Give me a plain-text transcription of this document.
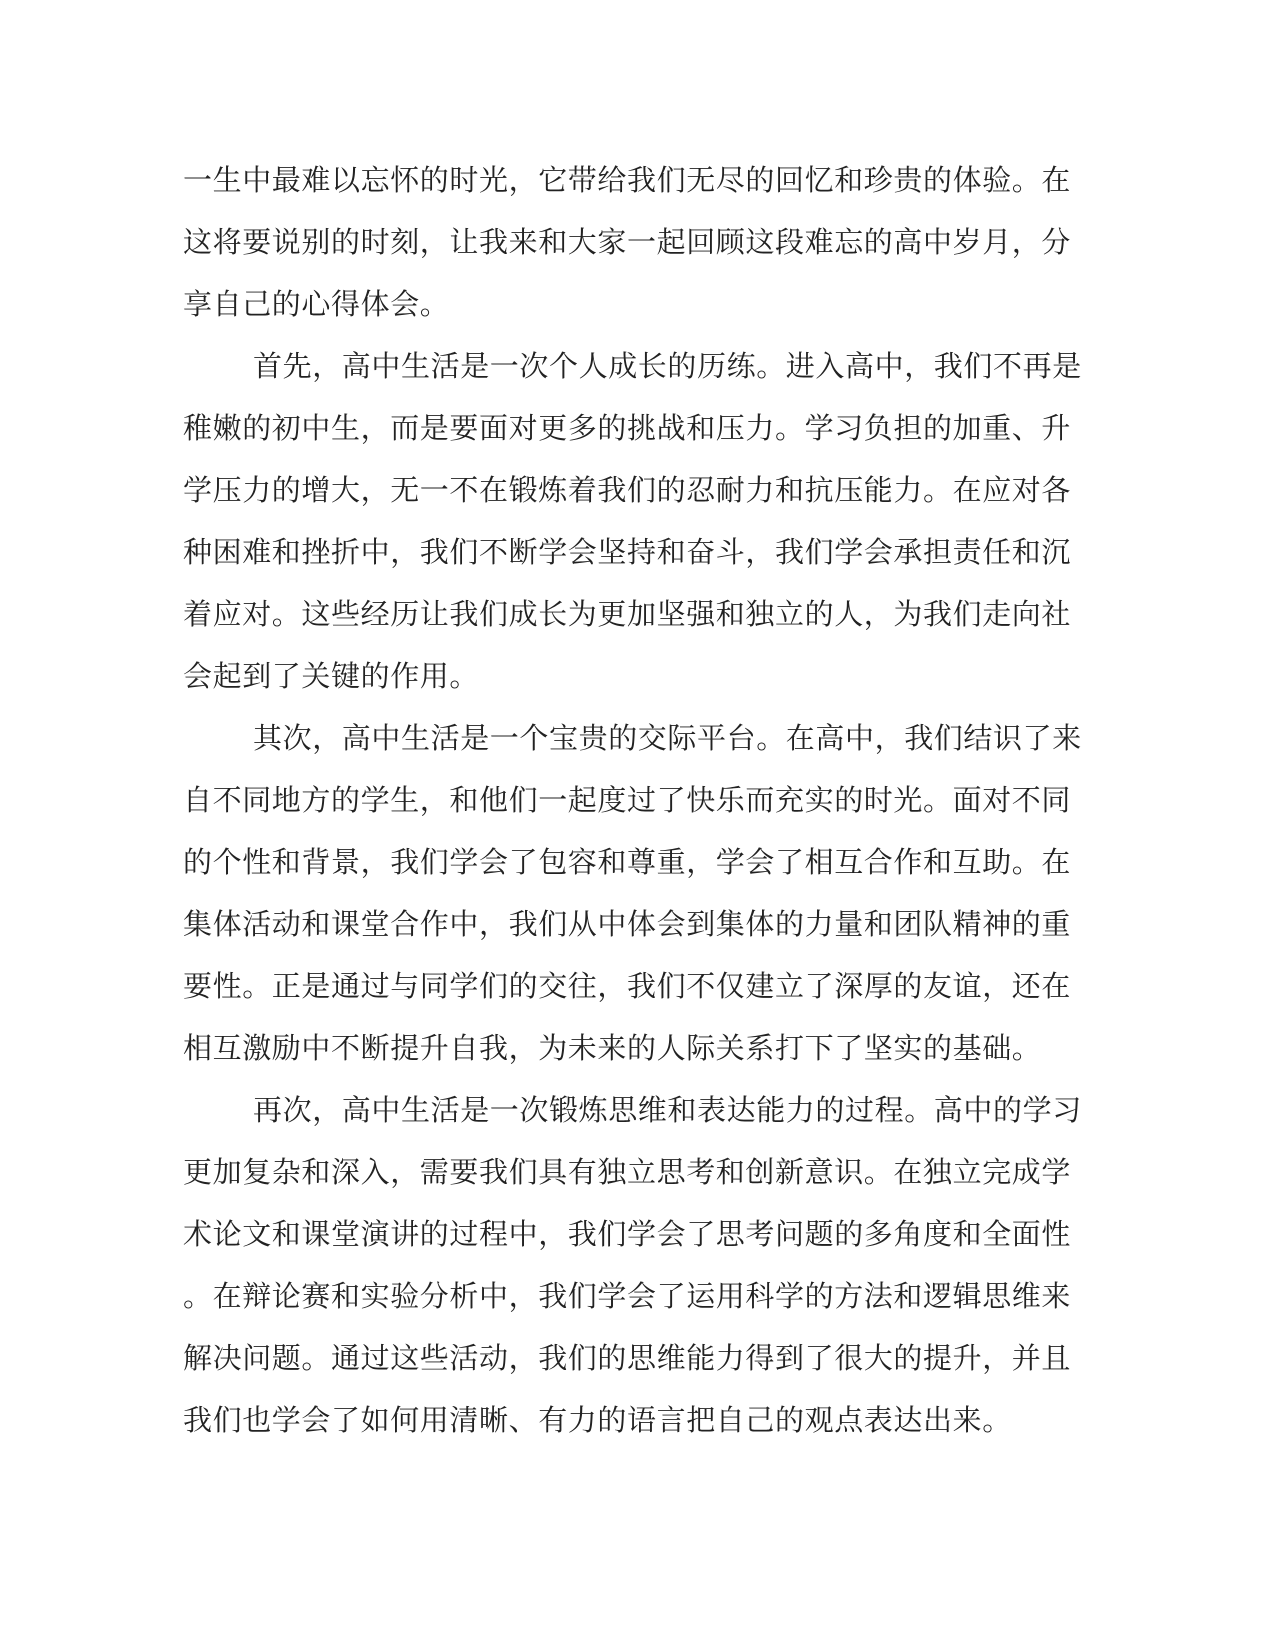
一生中最难以忘怀的时光，它带给我们无尽的回忆和珍贵的体验。在
这将要说别的时刻，让我来和大家一起回顾这段难忘的高中岁月，分
享自己的心得体会。
首先，高中生活是一次个人成长的历练。进入高中，我们不再是
稚嫩的初中生，而是要面对更多的挑战和压力。学习负担的加重、升
学压力的增大，无一不在锻炼着我们的忍耐力和抗压能力。在应对各
种困难和挫折中，我们不断学会坚持和奋斗，我们学会承担责任和沉
着应对。这些经历让我们成长为更加坚强和独立的人，为我们走向社
会起到了关键的作用。
其次，高中生活是一个宝贵的交际平台。在高中，我们结识了来
自不同地方的学生，和他们一起度过了快乐而充实的时光。面对不同
的个性和背景，我们学会了包容和尊重，学会了相互合作和互助。在
集体活动和课堂合作中，我们从中体会到集体的力量和团队精神的重
要性。正是通过与同学们的交往，我们不仅建立了深厚的友谊，还在
相互激励中不断提升自我，为未来的人际关系打下了坚实的基础。
再次，高中生活是一次锻炼思维和表达能力的过程。高中的学习
更加复杂和深入，需要我们具有独立思考和创新意识。在独立完成学
术论文和课堂演讲的过程中，我们学会了思考问题的多角度和全面性
。在辩论赛和实验分析中，我们学会了运用科学的方法和逻辑思维来
解决问题。通过这些活动，我们的思维能力得到了很大的提升，并且
我们也学会了如何用清晰、有力的语言把自己的观点表达出来。
